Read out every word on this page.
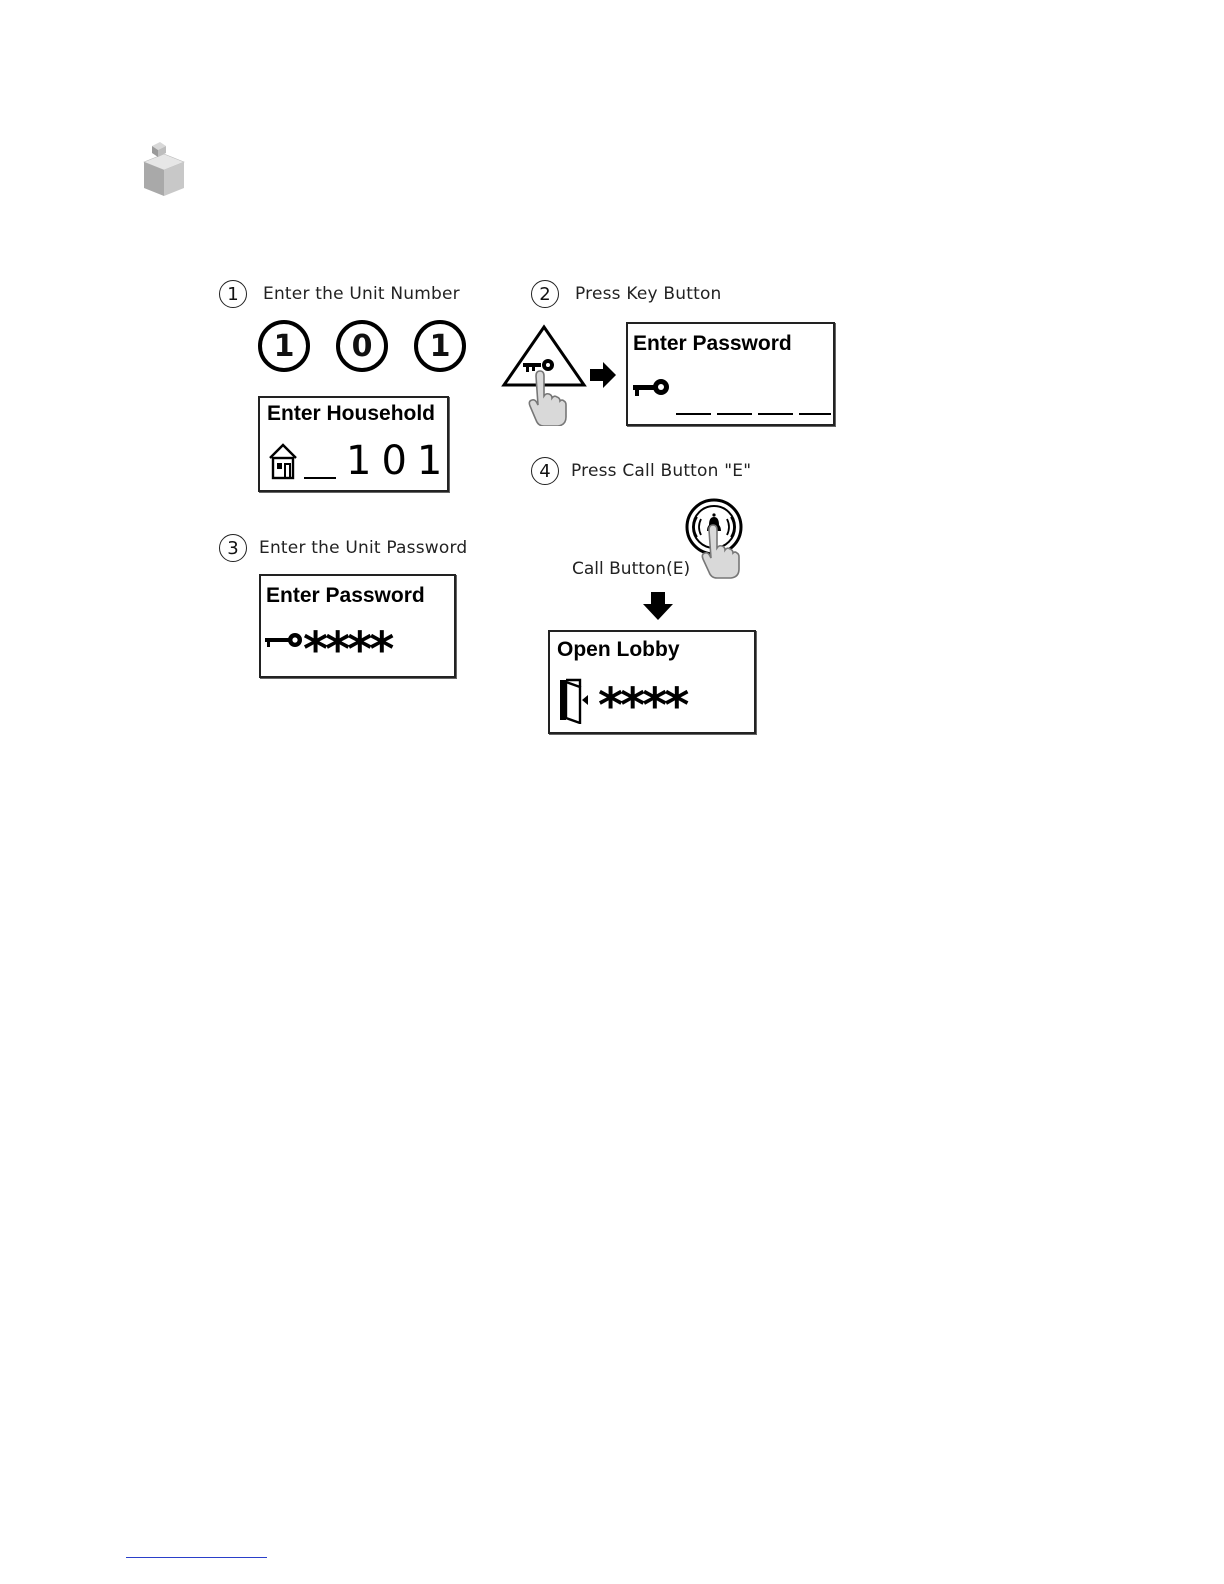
1	Enter the Unit Number
1	0	1
Enter Household
101
2	Press Key Button
Enter Password
4	Press Call Button "E"
Call Button(E)
Open Lobby
****
3	Enter the Unit Password
Enter Password
****
